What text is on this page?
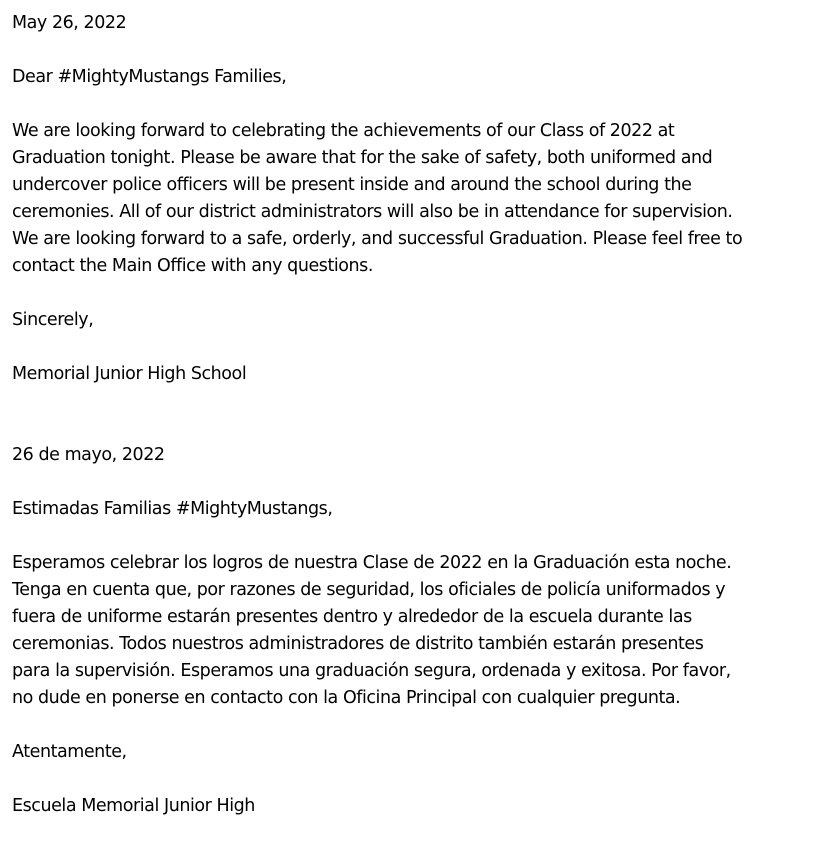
May 26, 2022
Dear #MightyMustangs Families,
We are looking forward to celebrating the achievements of our Class of 2022 at
Graduation tonight. Please be aware that for the sake of safety, both uniformed and
undercover police officers will be present inside and around the school during the
ceremonies. All of our district administrators will also be in attendance for supervision.
We are looking forward to a safe, orderly, and successful Graduation. Please feel free to
contact the Main Office with any questions.
Sincerely,
Memorial Junior High School
26 de mayo, 2022
Estimadas Familias #MightyMustangs,
Esperamos celebrar los logros de nuestra Clase de 2022 en la Graduación esta noche.
Tenga en cuenta que, por razones de seguridad, los oficiales de policía uniformados y
fuera de uniforme estarán presentes dentro y alrededor de la escuela durante las
ceremonias. Todos nuestros administradores de distrito también estarán presentes
para la supervisión. Esperamos una graduación segura, ordenada y exitosa. Por favor,
no dude en ponerse en contacto con la Oficina Principal con cualquier pregunta.
Atentamente,
Escuela Memorial Junior High
